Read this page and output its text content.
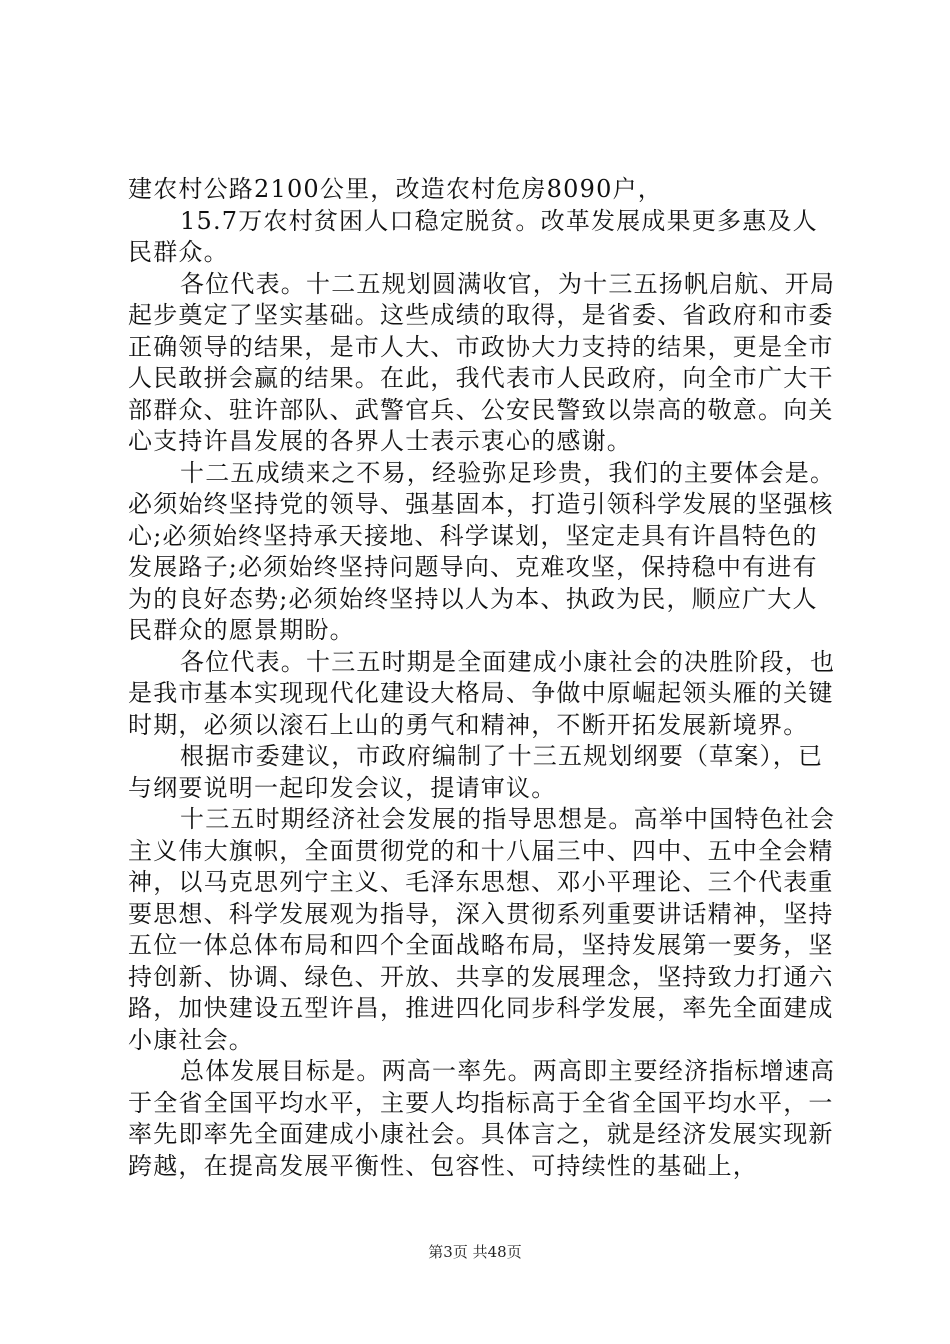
建农村公路2100公里，改造农村危房8090户，

15.7万农村贫困人口稳定脱贫。改革发展成果更多惠及人民群众。

各位代表。十二五规划圆满收官，为十三五扬帆启航、开局起步奠定了坚实基础。这些成绩的取得，是省委、省政府和市委正确领导的结果，是市人大、市政协大力支持的结果，更是全市人民敢拼会赢的结果。在此，我代表市人民政府，向全市广大干部群众、驻许部队、武警官兵、公安民警致以崇高的敬意。向关心支持许昌发展的各界人士表示衷心的感谢。

十二五成绩来之不易，经验弥足珍贵，我们的主要体会是。必须始终坚持党的领导、强基固本，打造引领科学发展的坚强核心;必须始终坚持承天接地、科学谋划，坚定走具有许昌特色的发展路子;必须始终坚持问题导向、克难攻坚，保持稳中有进有为的良好态势;必须始终坚持以人为本、执政为民，顺应广大人民群众的愿景期盼。

各位代表。十三五时期是全面建成小康社会的决胜阶段，也是我市基本实现现代化建设大格局、争做中原崛起领头雁的关键时期，必须以滚石上山的勇气和精神，不断开拓发展新境界。

根据市委建议，市政府编制了十三五规划纲要（草案），已与纲要说明一起印发会议，提请审议。

十三五时期经济社会发展的指导思想是。高举中国特色社会主义伟大旗帜，全面贯彻党的和十八届三中、四中、五中全会精神，以马克思列宁主义、毛泽东思想、邓小平理论、三个代表重要思想、科学发展观为指导，深入贯彻系列重要讲话精神，坚持五位一体总体布局和四个全面战略布局，坚持发展第一要务，坚持创新、协调、绿色、开放、共享的发展理念，坚持致力打通六路，加快建设五型许昌，推进四化同步科学发展，率先全面建成小康社会。

总体发展目标是。两高一率先。两高即主要经济指标增速高于全省全国平均水平，主要人均指标高于全省全国平均水平，一率先即率先全面建成小康社会。具体言之，就是经济发展实现新跨越，在提高发展平衡性、包容性、可持续性的基础上，

第3页 共48页
